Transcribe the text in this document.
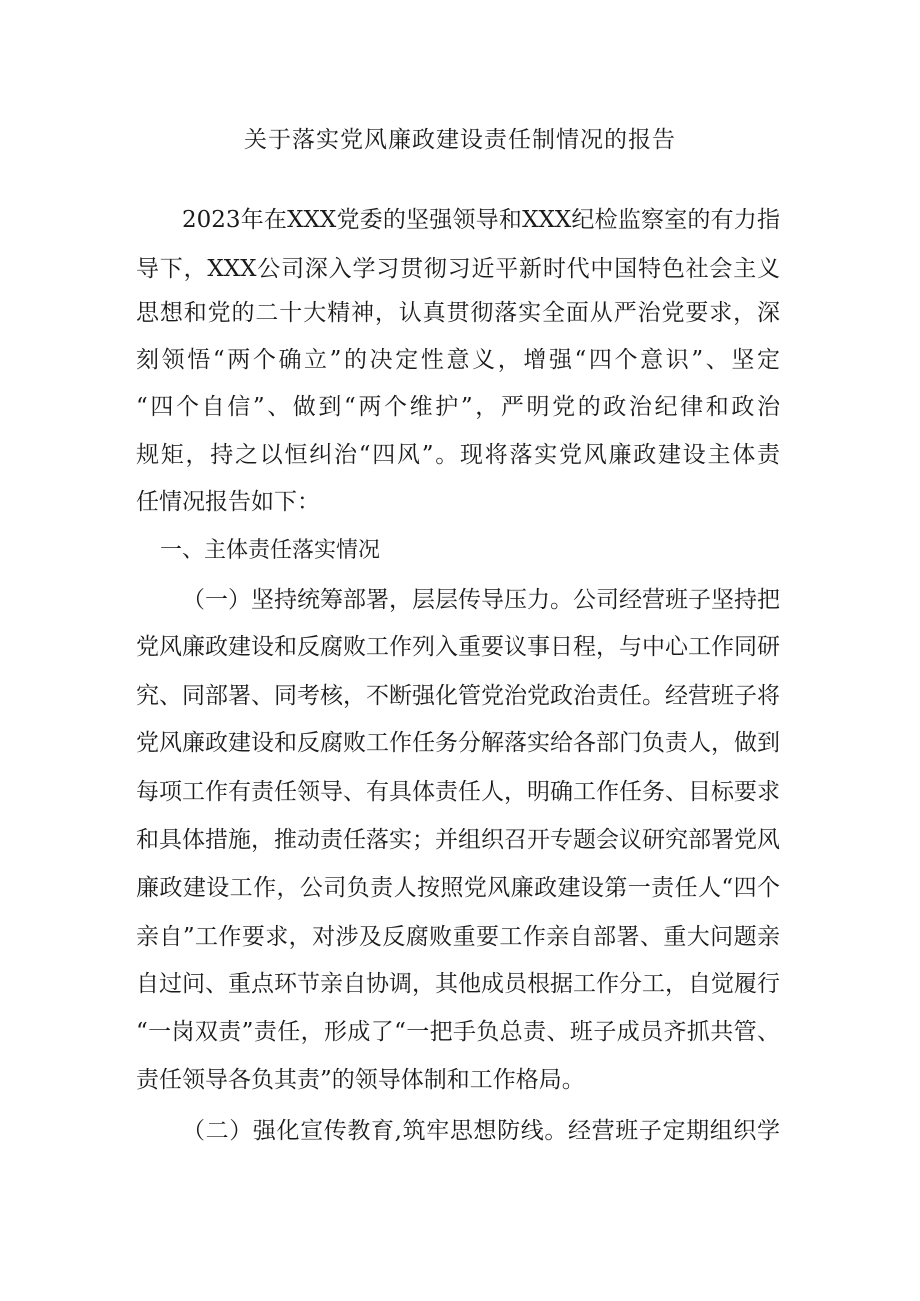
关于落实党风廉政建设责任制情况的报告

2023年在XXX党委的坚强领导和XXX纪检监察室的有力指

导下，XXX公司深入学习贯彻习近平新时代中国特色社会主义

思想和党的二十大精神，认真贯彻落实全面从严治党要求，深

刻领悟“两个确立”的决定性意义，增强“四个意识”、坚定

“四个自信”、做到“两个维护”，严明党的政治纪律和政治

规矩，持之以恒纠治“四风”。现将落实党风廉政建设主体责

任情况报告如下：

一、主体责任落实情况

（一）坚持统筹部署，层层传导压力。公司经营班子坚持把

党风廉政建设和反腐败工作列入重要议事日程，与中心工作同研

究、同部署、同考核，不断强化管党治党政治责任。经营班子将

党风廉政建设和反腐败工作任务分解落实给各部门负责人，做到

每项工作有责任领导、有具体责任人，明确工作任务、目标要求

和具体措施，推动责任落实；并组织召开专题会议研究部署党风

廉政建设工作，公司负责人按照党风廉政建设第一责任人“四个

亲自”工作要求，对涉及反腐败重要工作亲自部署、重大问题亲

自过问、重点环节亲自协调，其他成员根据工作分工，自觉履行

“一岗双责”责任，形成了“一把手负总责、班子成员齐抓共管、

责任领导各负其责”的领导体制和工作格局。

（二）强化宣传教育,筑牢思想防线。经营班子定期组织学
